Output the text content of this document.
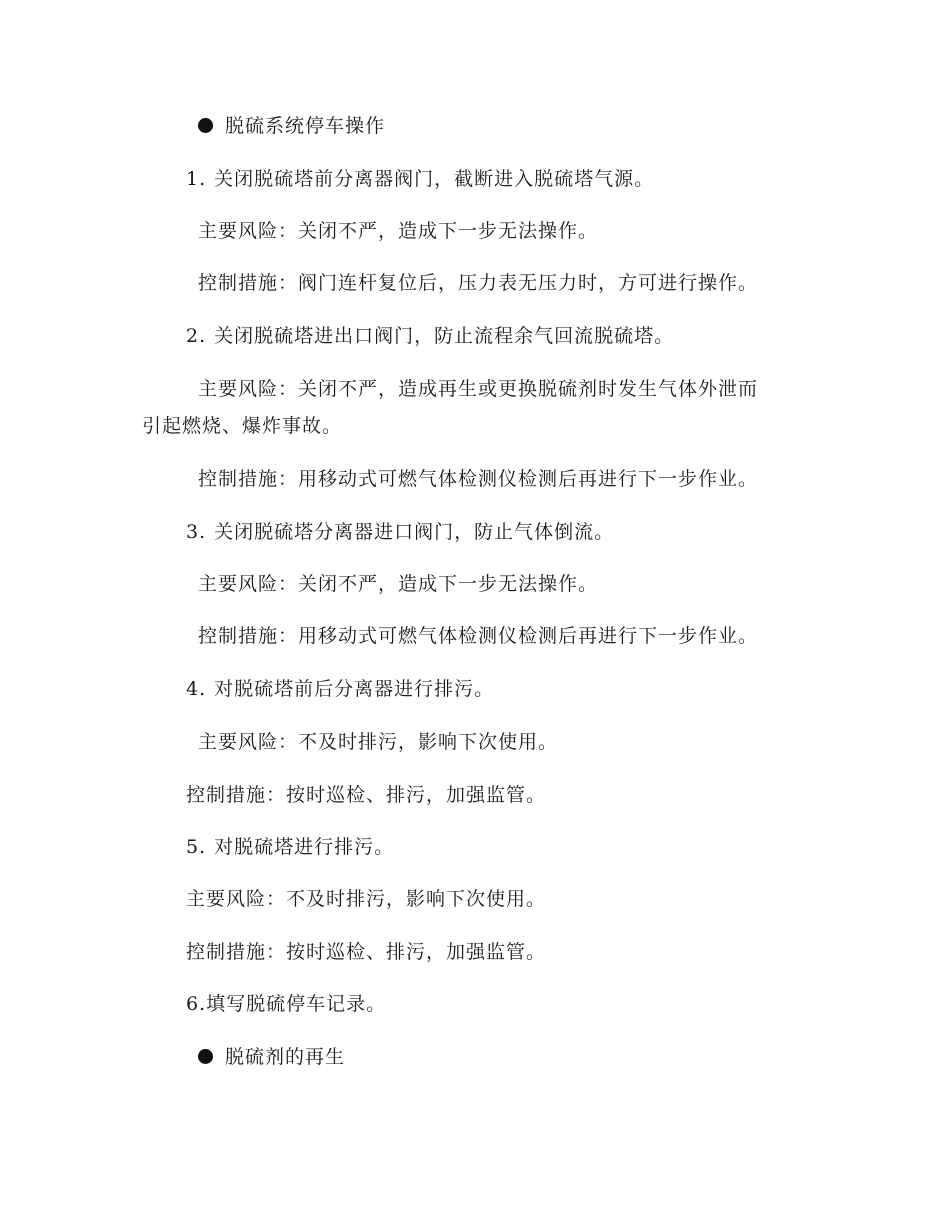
脱硫系统停车操作
1. 关闭脱硫塔前分离器阀门，截断进入脱硫塔气源。
主要风险：关闭不严，造成下一步无法操作。
控制措施：阀门连杆复位后，压力表无压力时，方可进行操作。
2. 关闭脱硫塔进出口阀门，防止流程余气回流脱硫塔。
主要风险：关闭不严，造成再生或更换脱硫剂时发生气体外泄而
引起燃烧、爆炸事故。
控制措施：用移动式可燃气体检测仪检测后再进行下一步作业。
3. 关闭脱硫塔分离器进口阀门，防止气体倒流。
主要风险：关闭不严，造成下一步无法操作。
控制措施：用移动式可燃气体检测仪检测后再进行下一步作业。
4. 对脱硫塔前后分离器进行排污。
主要风险：不及时排污，影响下次使用。
控制措施：按时巡检、排污，加强监管。
5. 对脱硫塔进行排污。
主要风险：不及时排污，影响下次使用。
控制措施：按时巡检、排污，加强监管。
6.填写脱硫停车记录。
脱硫剂的再生
